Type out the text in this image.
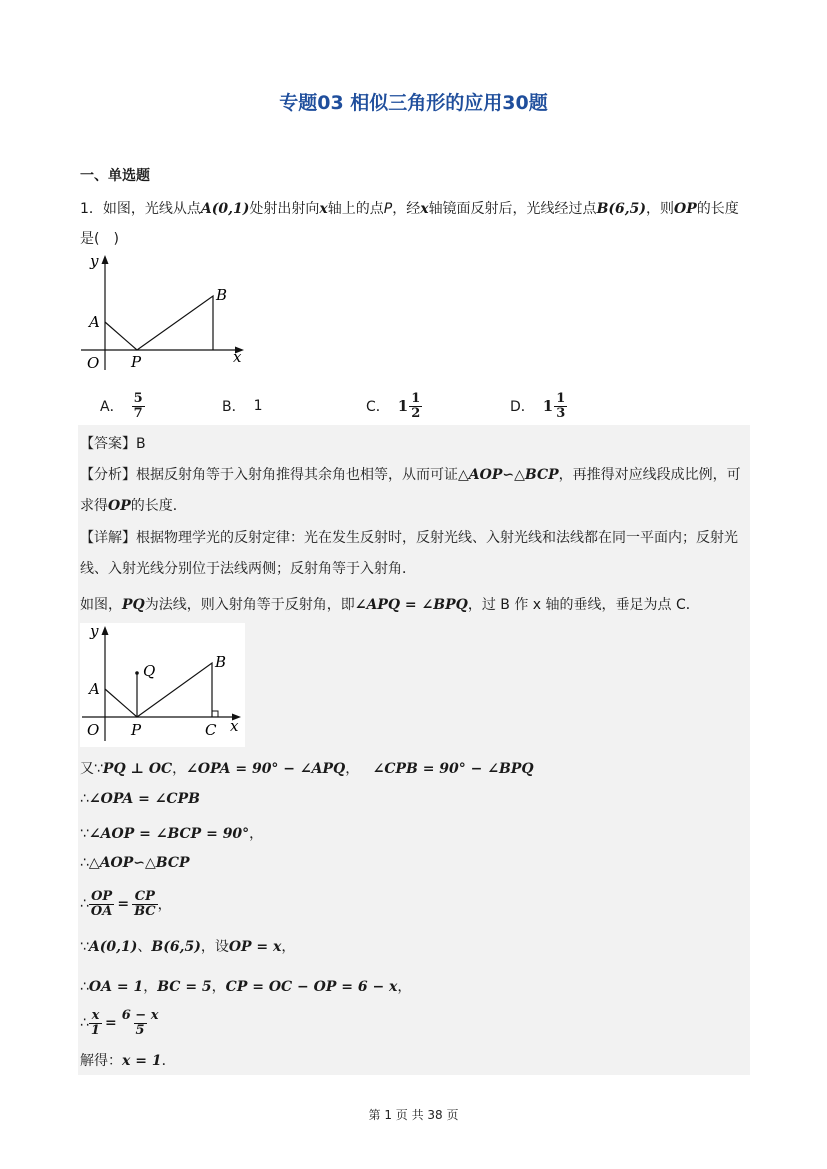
专题03 相似三角形的应用30题
一、单选题
1．如图，光线从点A(0,1)处射出射向x轴上的点P，经x轴镜面反射后，光线经过点B(6,5)，则OP的长度是(　)
y
x
A
B
O P
A． $\frac{5}{7}$	B． 1	C． $1 \frac{1}{2}$	D． $1 \frac{1}{3}$
【答案】B
【分析】根据反射角等于入射角推得其余角也相等，从而可证△AOP∽△BCP，再推得对应线段成比例，可求得OP的长度．
【详解】根据物理学光的反射定律：光在发生反射时，反射光线、入射光线和法线都在同一平面内；反射光线、入射光线分别位于法线两侧；反射角等于入射角．
如图，PQ为法线，则入射角等于反射角，即∠APQ = ∠BPQ，过 B 作 x 轴的垂线，垂足为点 C．
y
x
A
B
Q
O P	C
又∵PQ ⊥ OC，∠OPA = 90° − ∠APQ， ∠CPB = 90° − ∠BPQ
∴∠OPA = ∠CPB
∵∠AOP = ∠BCP = 90°，
∴△AOP∽△BCP
∴ $\frac{OP}{OA} = \frac{CP}{BC}$ ，
∵A(0,1)、B(6,5)，设OP = x，
∴OA = 1，BC = 5，CP = OC − OP = 6 − x，
∴ $\frac{x}{1} = \frac{6 - x}{5}$
解得：x = 1．
第 1 页 共 38 页
